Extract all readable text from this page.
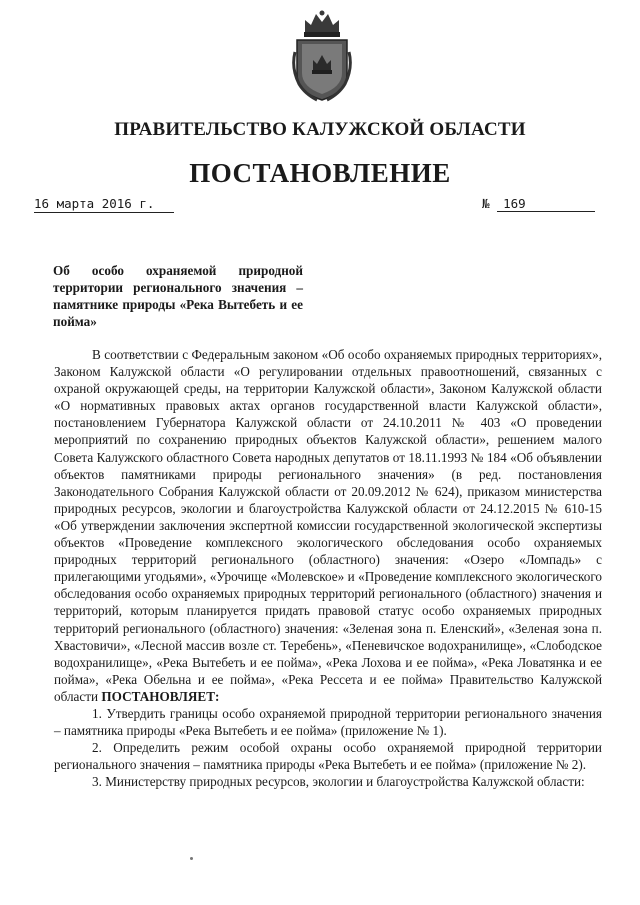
ПРАВИТЕЛЬСТВО КАЛУЖСКОЙ ОБЛАСТИ
ПОСТАНОВЛЕНИЕ
16 марта 2016 г.	№ 169
Об особо охраняемой природной территории регионального значения – памятнике природы «Река Вытебеть и ее пойма»

В соответствии с Федеральным законом «Об особо охраняемых природных территориях», Законом Калужской области «О регулировании отдельных правоотношений, связанных с охраной окружающей среды, на территории Калужской области», Законом Калужской области «О нормативных правовых актах органов государственной власти Калужской области», постановлением Губернатора Калужской области от 24.10.2011 № 403 «О проведении мероприятий по сохранению природных объектов Калужской области», решением малого Совета Калужского областного Совета народных депутатов от 18.11.1993 № 184 «Об объявлении объектов памятниками природы регионального значения» (в ред. постановления Законодательного Собрания Калужской области от 20.09.2012 № 624), приказом министерства природных ресурсов, экологии и благоустройства Калужской области от 24.12.2015 № 610-15 «Об утверждении заключения экспертной комиссии государственной экологической экспертизы объектов «Проведение комплексного экологического обследования особо охраняемых природных территорий регионального (областного) значения: «Озеро «Ломпадь» с прилегающими угодьями», «Урочище «Молевское» и «Проведение комплексного экологического обследования особо охраняемых природных территорий регионального (областного) значения и территорий, которым планируется придать правовой статус особо охраняемых природных территорий регионального (областного) значения: «Зеленая зона п. Еленский», «Зеленая зона п. Хвастовичи», «Лесной массив возле ст. Теребень», «Пеневичское водохранилище», «Слободское водохранилище», «Река Вытебеть и ее пойма», «Река Лохова и ее пойма», «Река Ловатянка и ее пойма», «Река Обельна и ее пойма», «Река Рессета и ее пойма» Правительство Калужской области ПОСТАНОВЛЯЕТ:

1. Утвердить границы особо охраняемой природной территории регионального значения – памятника природы «Река Вытебеть и ее пойма» (приложение № 1).

2. Определить режим особой охраны особо охраняемой природной территории регионального значения – памятника природы «Река Вытебеть и ее пойма» (приложение № 2).

3. Министерству природных ресурсов, экологии и благоустройства Калужской области:
